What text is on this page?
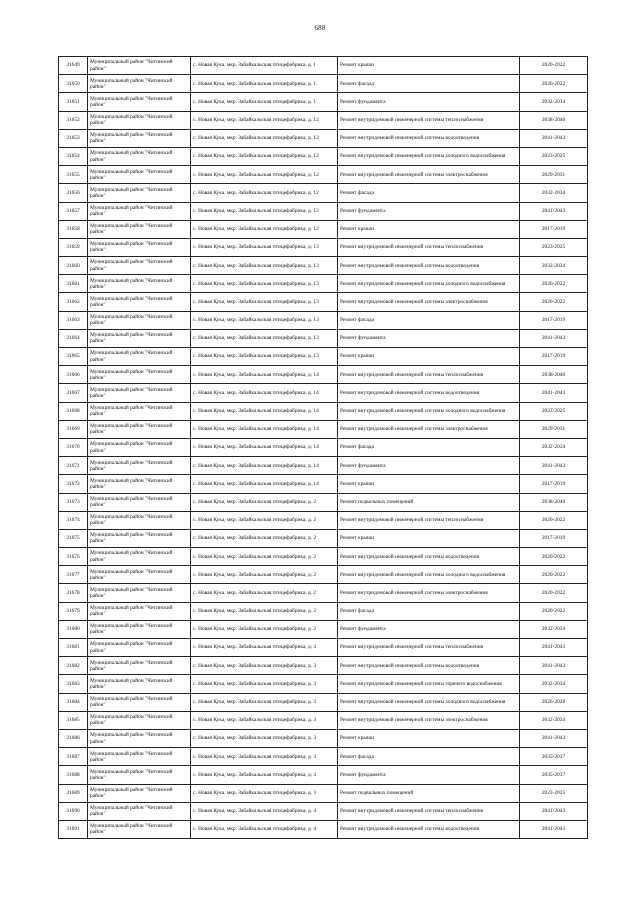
688
31649	Муниципальный район "Читинский район"	с. Новая Кука, мкр. Забайкальская птицефабрика, д. 1	Ремонт крыши	2020-2022
31650	Муниципальный район "Читинский район"	с. Новая Кука, мкр. Забайкальская птицефабрика, д. 1	Ремонт фасада	2020-2022
31651	Муниципальный район "Читинский район"	с. Новая Кука, мкр. Забайкальская птицефабрика, д. 1	Ремонт фундамента	2032-2034
31652	Муниципальный район "Читинский район"	с. Новая Кука, мкр. Забайкальская птицефабрика, д. 12	Ремонт внутридомовой инженерной системы теплоснабжения	2038-2040
31653	Муниципальный район "Читинский район"	с. Новая Кука, мкр. Забайкальская птицефабрика, д. 12	Ремонт внутридомовой инженерной системы водоотведения	2041-2043
31654	Муниципальный район "Читинский район"	с. Новая Кука, мкр. Забайкальская птицефабрика, д. 12	Ремонт внутридомовой инженерной системы холодного водоснабжения	2023-2025
31655	Муниципальный район "Читинский район"	с. Новая Кука, мкр. Забайкальская птицефабрика, д. 12	Ремонт внутридомовой инженерной системы электроснабжения	2029-2031
31656	Муниципальный район "Читинский район"	с. Новая Кука, мкр. Забайкальская птицефабрика, д. 12	Ремонт фасада	2032-2034
31657	Муниципальный район "Читинский район"	с. Новая Кука, мкр. Забайкальская птицефабрика, д. 12	Ремонт фундамента	2041-2043
31658	Муниципальный район "Читинский район"	с. Новая Кука, мкр. Забайкальская птицефабрика, д. 12	Ремонт крыши	2017-2019
31659	Муниципальный район "Читинский район"	с. Новая Кука, мкр. Забайкальская птицефабрика, д. 13	Ремонт внутридомовой инженерной системы теплоснабжения	2023-2025
31660	Муниципальный район "Читинский район"	с. Новая Кука, мкр. Забайкальская птицефабрика, д. 13	Ремонт внутридомовой инженерной системы водоотведения	2032-2034
31661	Муниципальный район "Читинский район"	с. Новая Кука, мкр. Забайкальская птицефабрика, д. 13	Ремонт внутридомовой инженерной системы холодного водоснабжения	2020-2022
31662	Муниципальный район "Читинский район"	с. Новая Кука, мкр. Забайкальская птицефабрика, д. 13	Ремонт внутридомовой инженерной системы электроснабжения	2020-2022
31663	Муниципальный район "Читинский район"	с. Новая Кука, мкр. Забайкальская птицефабрика, д. 13	Ремонт фасада	2017-2019
31664	Муниципальный район "Читинский район"	с. Новая Кука, мкр. Забайкальская птицефабрика, д. 13	Ремонт фундамента	2041-2043
31665	Муниципальный район "Читинский район"	с. Новая Кука, мкр. Забайкальская птицефабрика, д. 13	Ремонт крыши	2017-2019
31666	Муниципальный район "Читинский район"	с. Новая Кука, мкр. Забайкальская птицефабрика, д. 14	Ремонт внутридомовой инженерной системы теплоснабжения	2038-2040
31667	Муниципальный район "Читинский район"	с. Новая Кука, мкр. Забайкальская птицефабрика, д. 14	Ремонт внутридомовой инженерной системы водоотведения	2041-2043
31668	Муниципальный район "Читинский район"	с. Новая Кука, мкр. Забайкальская птицефабрика, д. 14	Ремонт внутридомовой инженерной системы холодного водоснабжения	2023-2025
31669	Муниципальный район "Читинский район"	с. Новая Кука, мкр. Забайкальская птицефабрика, д. 14	Ремонт внутридомовой инженерной системы электроснабжения	2029-2031
31670	Муниципальный район "Читинский район"	с. Новая Кука, мкр. Забайкальская птицефабрика, д. 14	Ремонт фасада	2032-2034
31671	Муниципальный район "Читинский район"	с. Новая Кука, мкр. Забайкальская птицефабрика, д. 14	Ремонт фундамента	2041-2043
31672	Муниципальный район "Читинский район"	с. Новая Кука, мкр. Забайкальская птицефабрика, д. 14	Ремонт крыши	2017-2019
31673	Муниципальный район "Читинский район"	с. Новая Кука, мкр. Забайкальская птицефабрика, д. 2	Ремонт подвальных помещений	2038-2040
31674	Муниципальный район "Читинский район"	с. Новая Кука, мкр. Забайкальская птицефабрика, д. 2	Ремонт внутридомовой инженерной системы теплоснабжения	2020-2022
31675	Муниципальный район "Читинский район"	с. Новая Кука, мкр. Забайкальская птицефабрика, д. 2	Ремонт крыши	2017-2019
31676	Муниципальный район "Читинский район"	с. Новая Кука, мкр. Забайкальская птицефабрика, д. 2	Ремонт внутридомовой инженерной системы водоотведения	2020-2022
31677	Муниципальный район "Читинский район"	с. Новая Кука, мкр. Забайкальская птицефабрика, д. 2	Ремонт внутридомовой инженерной системы холодного водоснабжения	2020-2022
31678	Муниципальный район "Читинский район"	с. Новая Кука, мкр. Забайкальская птицефабрика, д. 2	Ремонт внутридомовой инженерной системы электроснабжения	2020-2022
31679	Муниципальный район "Читинский район"	с. Новая Кука, мкр. Забайкальская птицефабрика, д. 2	Ремонт фасада	2020-2022
31680	Муниципальный район "Читинский район"	с. Новая Кука, мкр. Забайкальская птицефабрика, д. 2	Ремонт фундамента	2032-2034
31681	Муниципальный район "Читинский район"	с. Новая Кука, мкр. Забайкальская птицефабрика, д. 3	Ремонт внутридомовой инженерной системы теплоснабжения	2041-2043
31682	Муниципальный район "Читинский район"	с. Новая Кука, мкр. Забайкальская птицефабрика, д. 3	Ремонт внутридомовой инженерной системы водоотведения	2041-2043
31683	Муниципальный район "Читинский район"	с. Новая Кука, мкр. Забайкальская птицефабрика, д. 3	Ремонт внутридомовой инженерной системы горячего водоснабжения	2032-2034
31684	Муниципальный район "Читинский район"	с. Новая Кука, мкр. Забайкальская птицефабрика, д. 3	Ремонт внутридомовой инженерной системы холодного водоснабжения	2026-2028
31685	Муниципальный район "Читинский район"	с. Новая Кука, мкр. Забайкальская птицефабрика, д. 3	Ремонт внутридомовой инженерной системы электроснабжения	2032-2034
31686	Муниципальный район "Читинский район"	с. Новая Кука, мкр. Забайкальская птицефабрика, д. 3	Ремонт крыши	2041-2043
31687	Муниципальный район "Читинский район"	с. Новая Кука, мкр. Забайкальская птицефабрика, д. 3	Ремонт фасада	2035-2037
31688	Муниципальный район "Читинский район"	с. Новая Кука, мкр. Забайкальская птицефабрика, д. 3	Ремонт фундамента	2035-2037
31689	Муниципальный район "Читинский район"	с. Новая Кука, мкр. Забайкальская птицефабрика, д. 3	Ремонт подвальных помещений	2023-2025
31690	Муниципальный район "Читинский район"	с. Новая Кука, мкр. Забайкальская птицефабрика, д. 4	Ремонт внутридомовой инженерной системы теплоснабжения	2041-2043
31691	Муниципальный район "Читинский район"	с. Новая Кука, мкр. Забайкальская птицефабрика, д. 4	Ремонт внутридомовой инженерной системы водоотведения	2041-2043
,
